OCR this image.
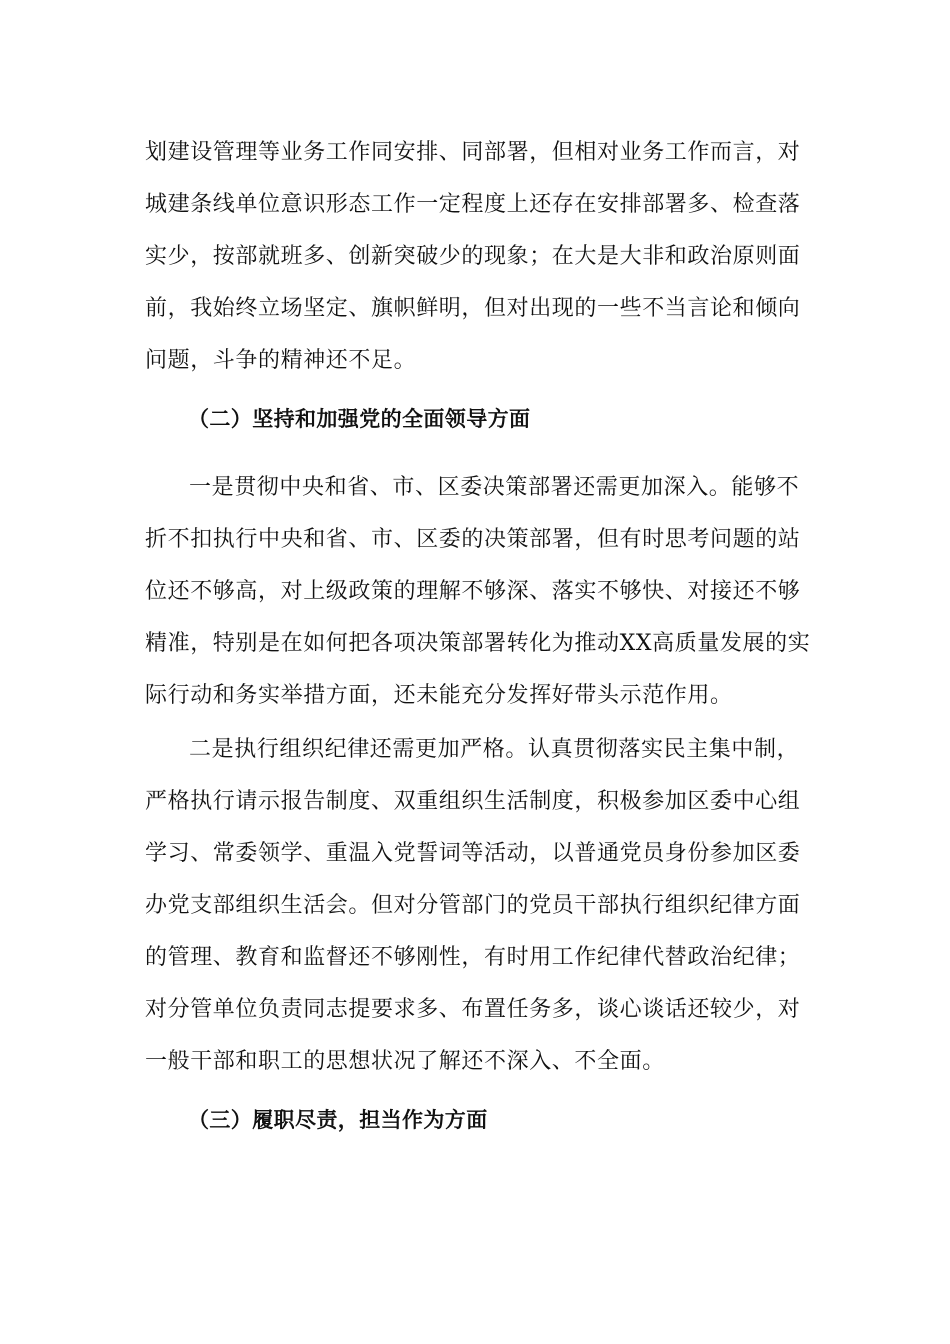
划建设管理等业务工作同安排、同部署，但相对业务工作而言，对
城建条线单位意识形态工作一定程度上还存在安排部署多、检查落
实少，按部就班多、创新突破少的现象；在大是大非和政治原则面
前，我始终立场坚定、旗帜鲜明，但对出现的一些不当言论和倾向
问题，斗争的精神还不足。
（二）坚持和加强党的全面领导方面
一是贯彻中央和省、市、区委决策部署还需更加深入。能够不
折不扣执行中央和省、市、区委的决策部署，但有时思考问题的站
位还不够高，对上级政策的理解不够深、落实不够快、对接还不够
精准，特别是在如何把各项决策部署转化为推动XX高质量发展的实
际行动和务实举措方面，还未能充分发挥好带头示范作用。
二是执行组织纪律还需更加严格。认真贯彻落实民主集中制，
严格执行请示报告制度、双重组织生活制度，积极参加区委中心组
学习、常委领学、重温入党誓词等活动，以普通党员身份参加区委
办党支部组织生活会。但对分管部门的党员干部执行组织纪律方面
的管理、教育和监督还不够刚性，有时用工作纪律代替政治纪律；
对分管单位负责同志提要求多、布置任务多，谈心谈话还较少，对
一般干部和职工的思想状况了解还不深入、不全面。
（三）履职尽责，担当作为方面
